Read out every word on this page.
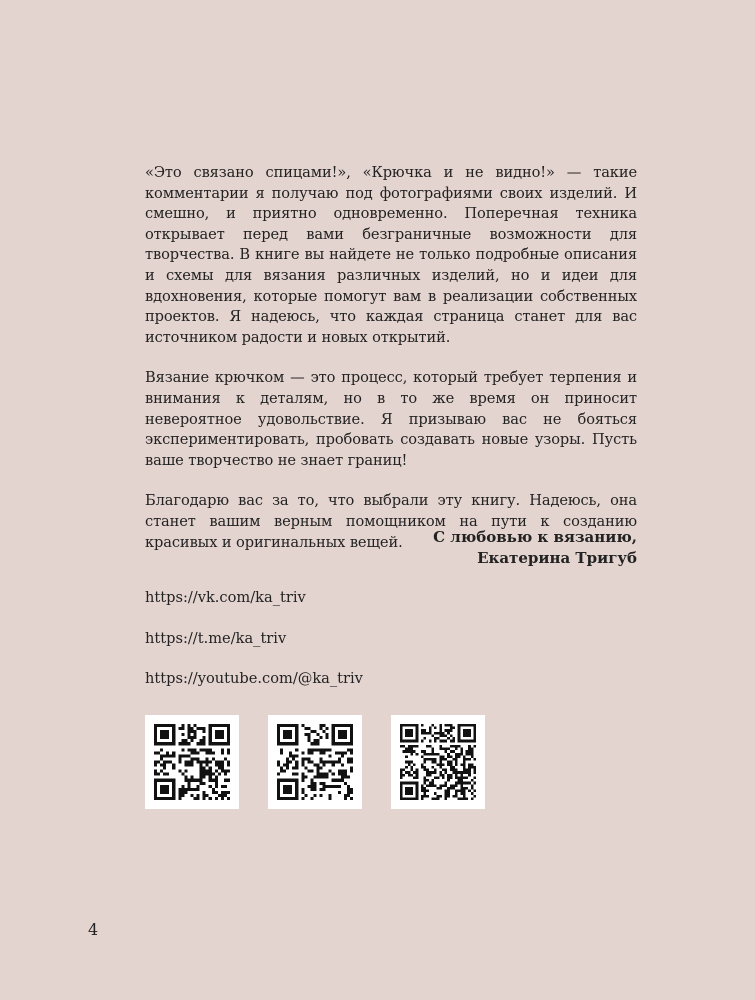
«Это связано спицами!», «Крючка и не видно!» — такие комментарии я получаю под фотографиями своих изделий. И смешно, и приятно одновременно. Поперечная техника открывает перед вами безграничные возможности для творчества. В книге вы найдете не только подробные описания и схемы для вязания различных изделий, но и идеи для вдохновения, которые помогут вам в реализации собственных проектов. Я надеюсь, что каждая страница станет для вас источником радости и новых открытий.

Вязание крючком — это процесс, который требует терпения и внимания к деталям, но в то же время он приносит невероятное удовольствие. Я призываю вас не бояться экспериментировать, пробовать создавать новые узоры. Пусть ваше творчество не знает границ!

Благодарю вас за то, что выбрали эту книгу. Надеюсь, она станет вашим верным помощником на пути к созданию красивых и оригинальных вещей.	С любовью к вязанию,
Екатерина Тригуб
https://vk.com/ka_triv
https://t.me/ka_triv
https://youtube.com/@ka_triv
4
